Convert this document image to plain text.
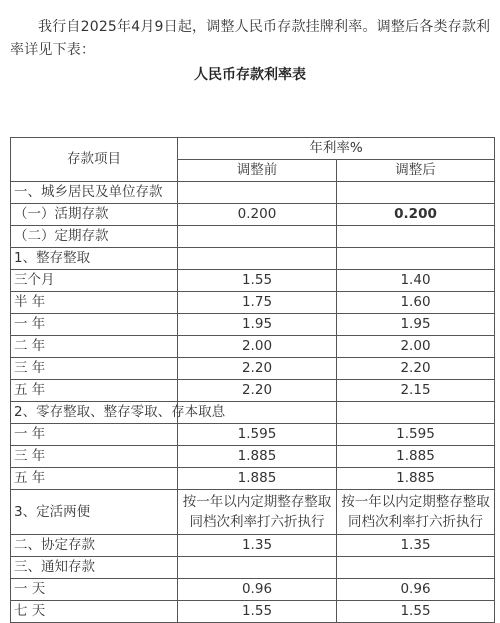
我行自2025年4月9日起，调整人民币存款挂牌利率。调整后各类存款利率详见下表：

人民币存款利率表
存款项目	年利率%	
	调整前	调整后
一、城乡居民及单位存款		
（一）活期存款	0.200	0.200
（二）定期存款		
1、整存整取		
三个月	1.55	1.40
半 年	1.75	1.60
一 年	1.95	1.95
二 年	2.00	2.00
三 年	2.20	2.20
五 年	2.20	2.15
2、零存整取、整存零取、存本取息		
一 年	1.595	1.595
三 年	1.885	1.885
五 年	1.885	1.885
3、定活两便	按一年以内定期整存整取同档次利率打六折执行	按一年以内定期整存整取同档次利率打六折执行
二、协定存款	1.35	1.35
三、通知存款		
一 天	0.96	0.96
七 天	1.55	1.55
